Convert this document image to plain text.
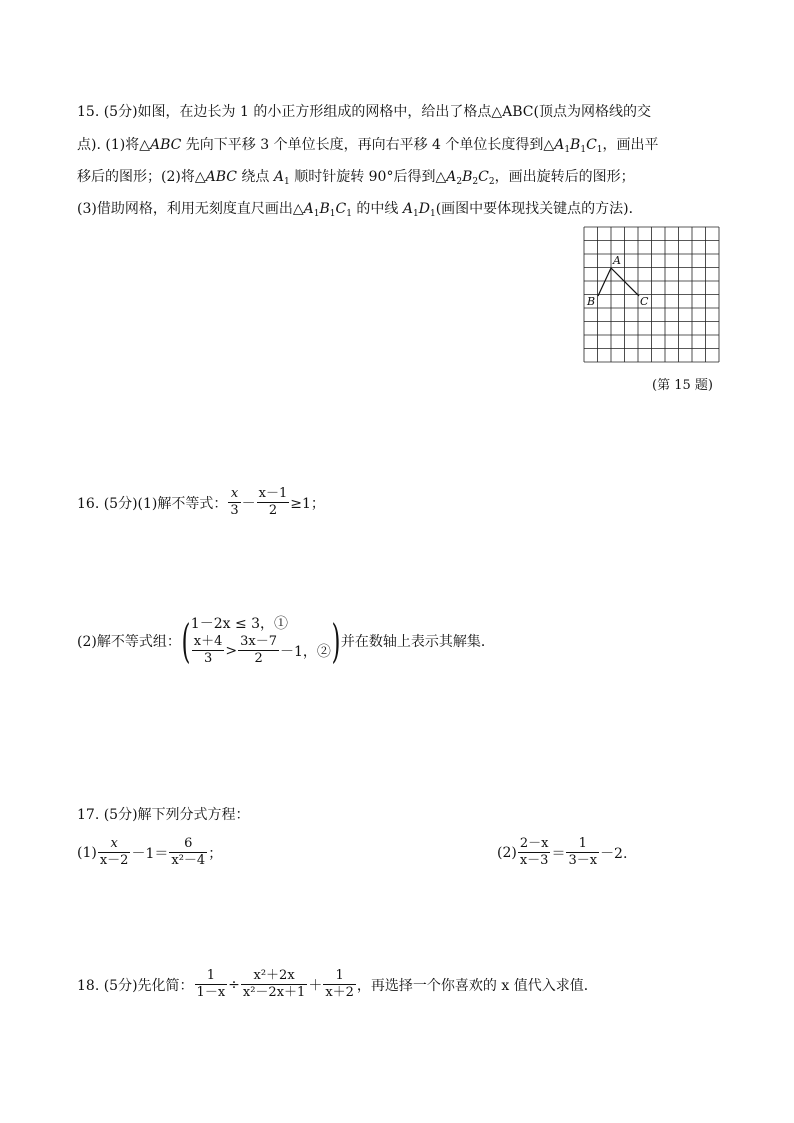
15. (5分)如图，在边长为 1 的小正方形组成的网格中，给出了格点△ABC(顶点为网格线的交
点). (1)将△ABC 先向下平移 3 个单位长度，再向右平移 4 个单位长度得到$\triangle A_1B_1C_1$，画出平
移后的图形；(2)将△ABC 绕点 $A_1$ 顺时针旋转 90°后得到$\triangle A_2B_2C_2$，画出旋转后的图形；
(3)借助网格，利用无刻度直尺画出$\triangle A_1B_1C_1$ 的中线 $A_1D_1$(画图中要体现找关键点的方法)．
A
B	C
(第 15 题)
16. (5分)(1)解不等式： $\frac{x}{3} - \frac{x-1}{2} \ge 1$；
(2)解不等式组： ( 1－2x ≤ 3，①
$\frac{x+4}{3} > \frac{3x-7}{2} -1$，② ) 并在数轴上表示其解集．
17. (5分)解下列分式方程：
$(1) \frac{x}{x-2} -1= \frac{6}{\text{x²－4}}$ ；	$(2) \frac{2-x}{x-3} = \frac{1}{3-x} -2$.
18. (5分)先化简： $\frac{1}{1-x} \div \frac{\text{x²＋2x}}{\text{x²－2x＋1}} + \frac{1}{x+2}$ ，再选择一个你喜欢的 x 值代入求值．
